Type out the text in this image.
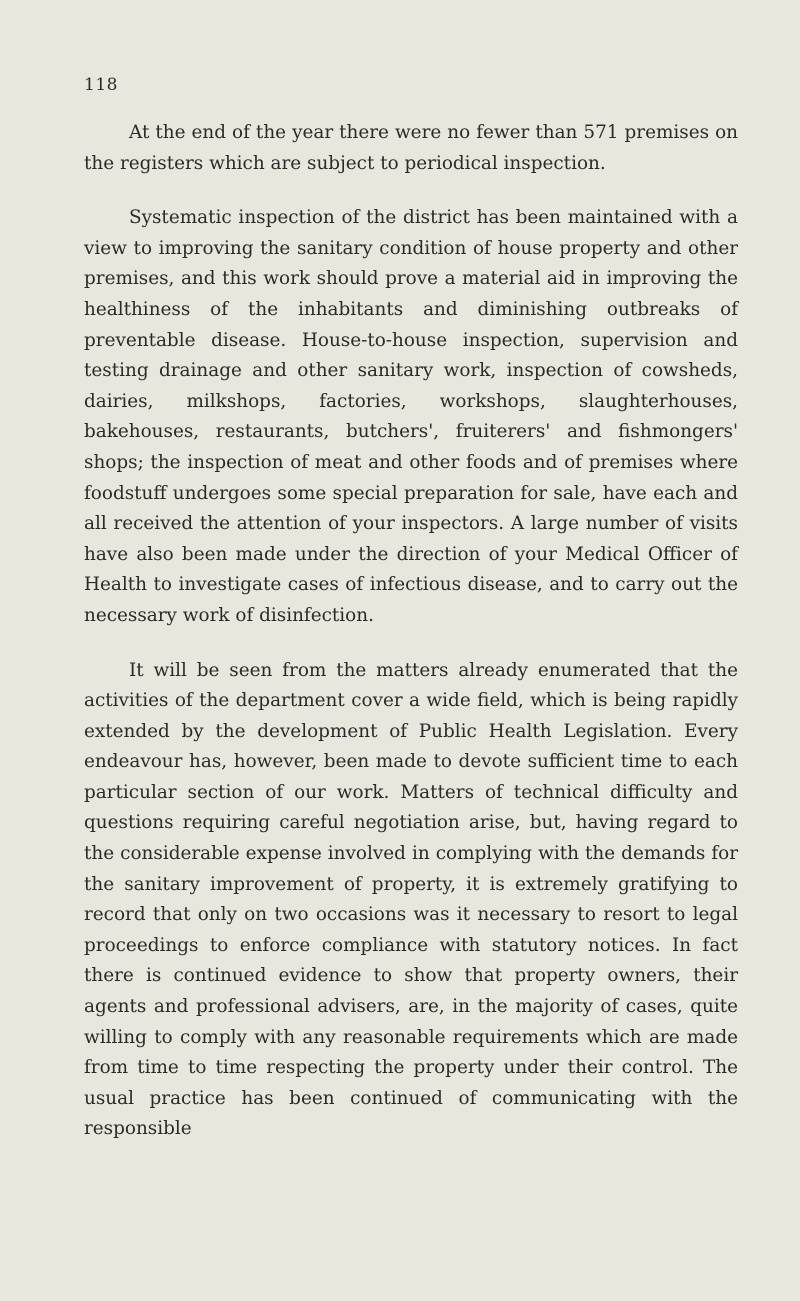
118

At the end of the year there were no fewer than 571 premises on the registers which are subject to periodical inspection.

Systematic inspection of the district has been maintained with a view to improving the sanitary condition of house property and other premises, and this work should prove a material aid in improving the healthiness of the inhabitants and diminishing outbreaks of preventable disease. House-to-house inspection, supervision and testing drainage and other sanitary work, inspection of cowsheds, dairies, milkshops, factories, workshops, slaughterhouses, bakehouses, restaurants, butchers', fruiterers' and fishmongers' shops; the inspection of meat and other foods and of premises where foodstuff undergoes some special preparation for sale, have each and all received the attention of your inspectors. A large number of visits have also been made under the direction of your Medical Officer of Health to investigate cases of infectious disease, and to carry out the necessary work of disinfection.

It will be seen from the matters already enumerated that the activities of the department cover a wide field, which is being rapidly extended by the development of Public Health Legislation. Every endeavour has, however, been made to devote sufficient time to each particular section of our work. Matters of technical difficulty and questions requiring careful negotiation arise, but, having regard to the considerable expense involved in complying with the demands for the sanitary improvement of property, it is extremely gratifying to record that only on two occasions was it necessary to resort to legal proceedings to enforce compliance with statutory notices. In fact there is continued evidence to show that property owners, their agents and professional advisers, are, in the majority of cases, quite willing to comply with any reasonable requirements which are made from time to time respecting the property under their control. The usual practice has been continued of communicating with the responsible
